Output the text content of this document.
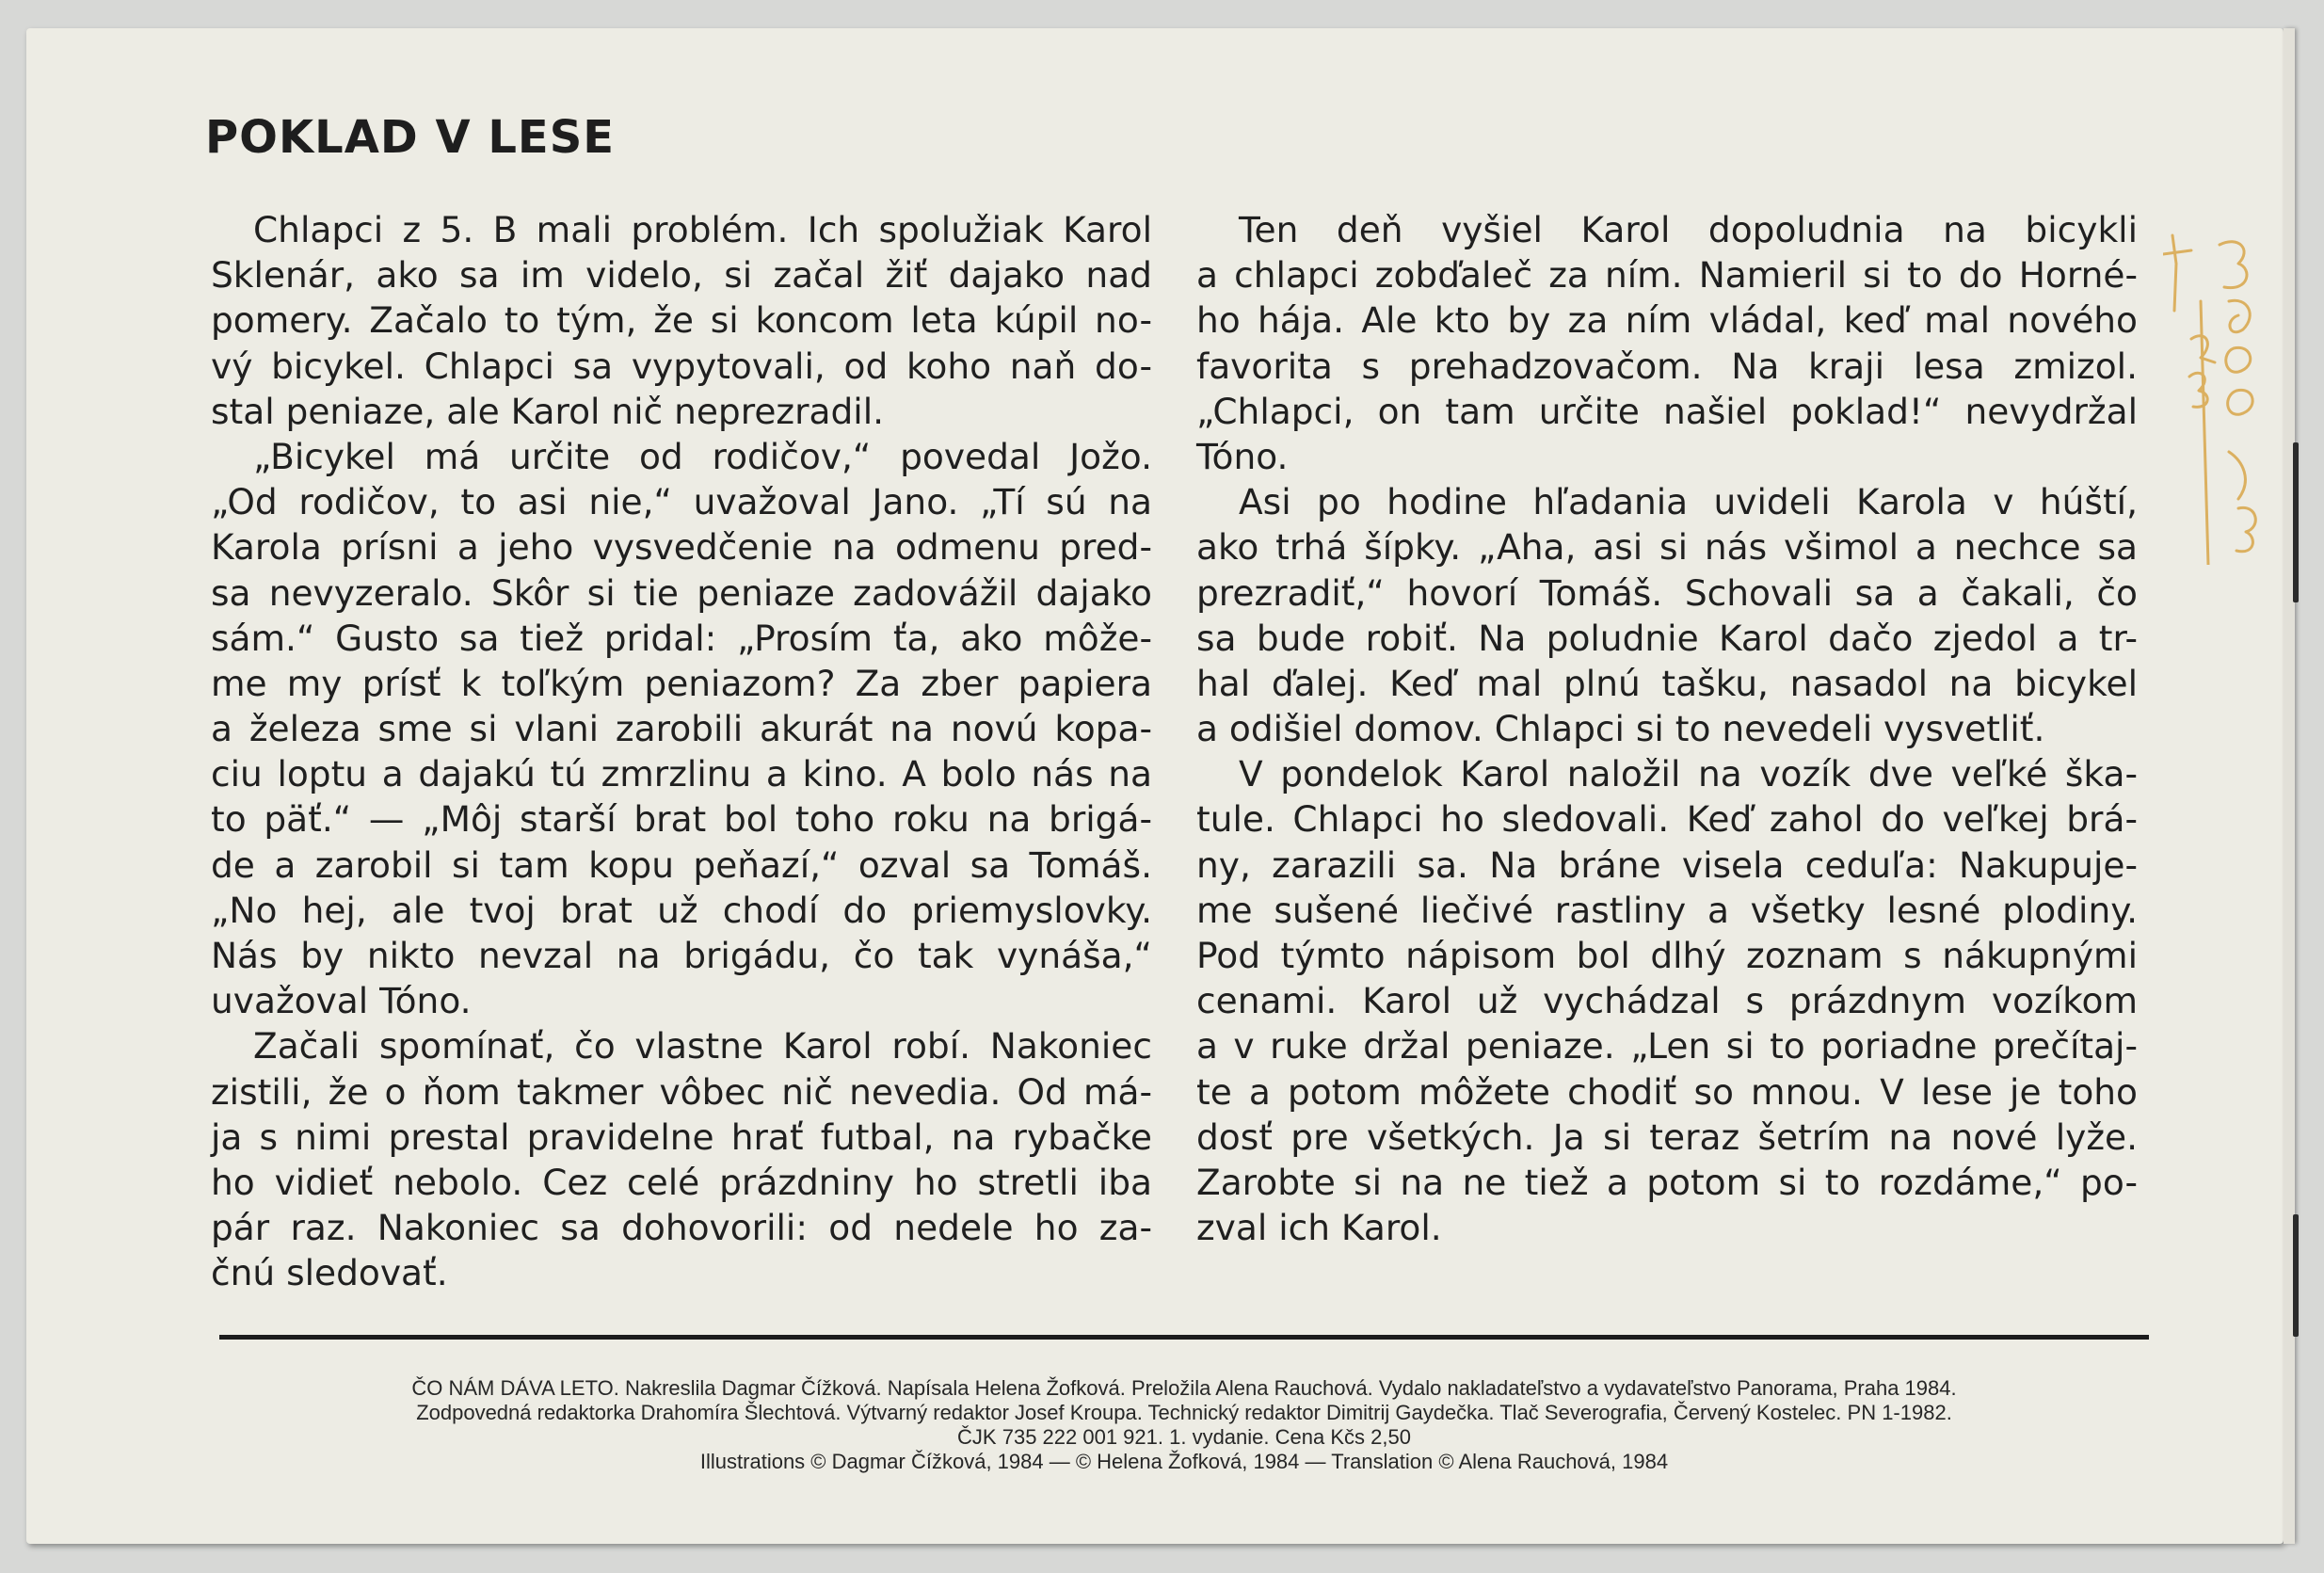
POKLAD V LESE
Chlapci z 5. B mali problém. Ich spolužiak Karol
Sklenár, ako sa im videlo, si začal žiť dajako nad
pomery. Začalo to tým, že si koncom leta kúpil no-
vý bicykel. Chlapci sa vypytovali, od koho naň do-
stal peniaze, ale Karol nič neprezradil.
„Bicykel má určite od rodičov,“ povedal Jožo.
„Od rodičov, to asi nie,“ uvažoval Jano. „Tí sú na
Karola prísni a jeho vysvedčenie na odmenu pred-
sa nevyzeralo. Skôr si tie peniaze zadovážil dajako
sám.“ Gusto sa tiež pridal: „Prosím ťa, ako môže-
me my prísť k toľkým peniazom? Za zber papiera
a železa sme si vlani zarobili akurát na novú kopa-
ciu loptu a dajakú tú zmrzlinu a kino. A bolo nás na
to päť.“ — „Môj starší brat bol toho roku na brigá-
de a zarobil si tam kopu peňazí,“ ozval sa Tomáš.
„No hej, ale tvoj brat už chodí do priemyslovky.
Nás by nikto nevzal na brigádu, čo tak vynáša,“
uvažoval Tóno.
Začali spomínať, čo vlastne Karol robí. Nakoniec
zistili, že o ňom takmer vôbec nič nevedia. Od má-
ja s nimi prestal pravidelne hrať futbal, na rybačke
ho vidieť nebolo. Cez celé prázdniny ho stretli iba
pár raz. Nakoniec sa dohovorili: od nedele ho za-
čnú sledovať.
Ten deň vyšiel Karol dopoludnia na bicykli
a chlapci zobďaleč za ním. Namieril si to do Horné-
ho hája. Ale kto by za ním vládal, keď mal nového
favorita s prehadzovačom. Na kraji lesa zmizol.
„Chlapci, on tam určite našiel poklad!“ nevydržal
Tóno.
Asi po hodine hľadania uvideli Karola v húští,
ako trhá šípky. „Aha, asi si nás všimol a nechce sa
prezradiť,“ hovorí Tomáš. Schovali sa a čakali, čo
sa bude robiť. Na poludnie Karol dačo zjedol a tr-
hal ďalej. Keď mal plnú tašku, nasadol na bicykel
a odišiel domov. Chlapci si to nevedeli vysvetliť.
V pondelok Karol naložil na vozík dve veľké ška-
tule. Chlapci ho sledovali. Keď zahol do veľkej brá-
ny, zarazili sa. Na bráne visela ceduľa: Nakupuje-
me sušené liečivé rastliny a všetky lesné plodiny.
Pod týmto nápisom bol dlhý zoznam s nákupnými
cenami. Karol už vychádzal s prázdnym vozíkom
a v ruke držal peniaze. „Len si to poriadne prečítaj-
te a potom môžete chodiť so mnou. V lese je toho
dosť pre všetkých. Ja si teraz šetrím na nové lyže.
Zarobte si na ne tiež a potom si to rozdáme,“ po-
zval ich Karol.
ČO NÁM DÁVA LETO. Nakreslila Dagmar Čížková. Napísala Helena Žofková. Preložila Alena Rauchová. Vydalo nakladateľstvo a vydavateľstvo Panorama, Praha 1984.
Zodpovedná redaktorka Drahomíra Šlechtová. Výtvarný redaktor Josef Kroupa. Technický redaktor Dimitrij Gaydečka. Tlač Severografia, Červený Kostelec. PN 1-1982.
ČJK 735 222 001 921. 1. vydanie. Cena Kčs 2,50
Illustrations © Dagmar Čížková, 1984 — © Helena Žofková, 1984 — Translation © Alena Rauchová, 1984
